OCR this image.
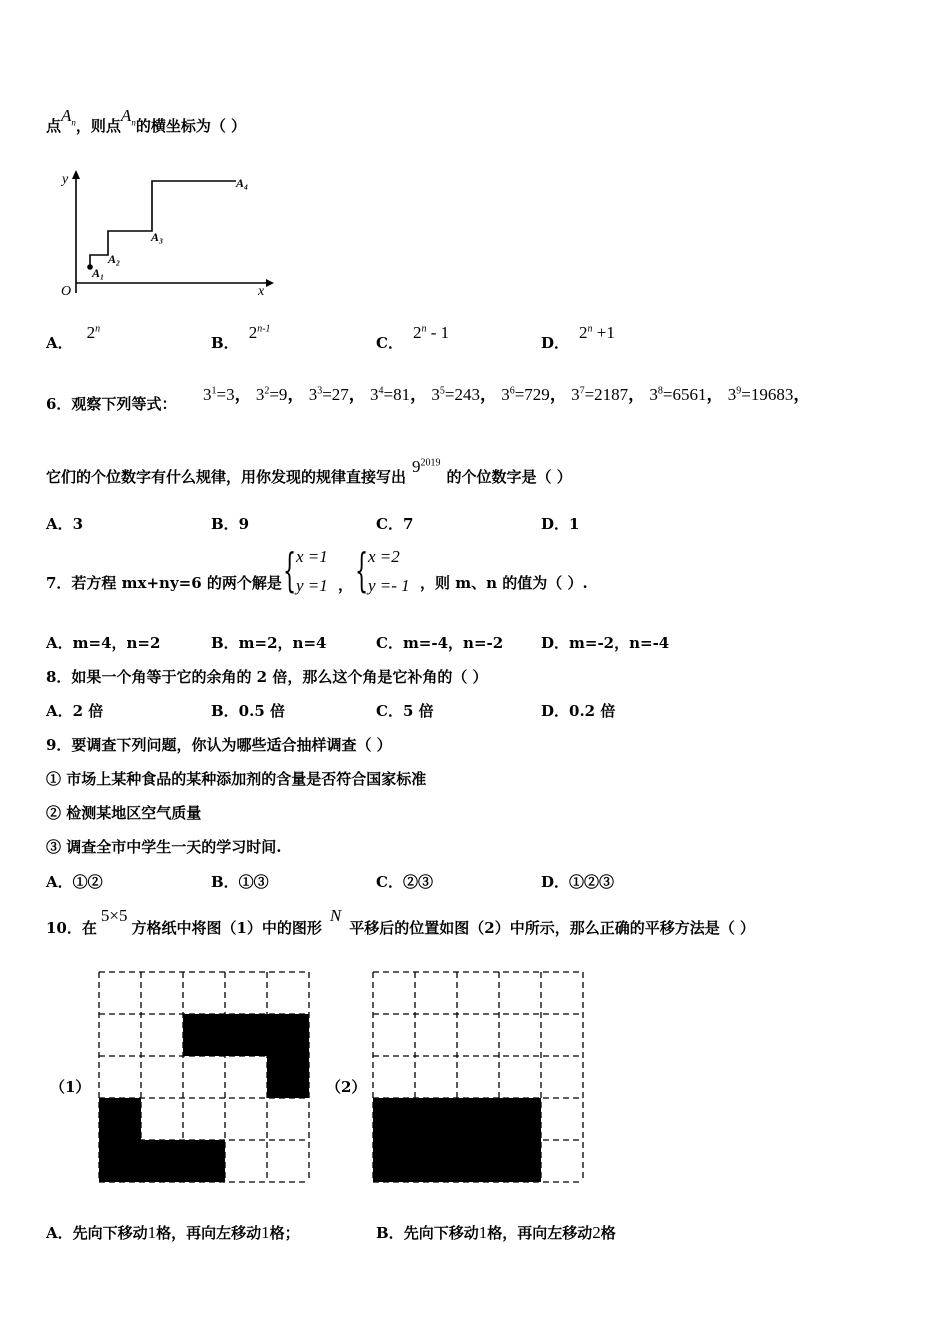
点$A_n$，则点$A_n$的横坐标为（ ）
y
x
O
A₁
A₂
A₃
A₄
A．2$^n$
B．2$^{n-1}$
C．2$^n$ - 1
D．$2^n +1$
6．观察下列等式： $3^1=3$， $3^2=9$， $3^3=27$， $3^4=81$， $3^5=243$， $3^6=729$， $3^7=2187$， $3^8=6561$， $3^9=19683$，
它们的个位数字有什么规律，用你发现的规律直接写出$9^{2019}$的个位数字是（ ）
A．3	B．9	C．7	D．1
7．若方程 mx+ny=6 的两个解是 { x =1
y =1 ， { x =2
y =- 1 ，则 m、n 的值为（ ）.
A．m=4，n=2	B．m=2，n=4	C．m=-4，n=-2	D．m=-2，n=-4
8．如果一个角等于它的余角的 2 倍，那么这个角是它补角的（ ）
A．2 倍	B．0.5 倍	C．5 倍	D．0.2 倍
9．要调查下列问题，你认为哪些适合抽样调查（ ）
① 市场上某种食品的某种添加剂的含量是否符合国家标准
② 检测某地区空气质量
③ 调查全市中学生一天的学习时间.
A．①②	B．①③	C．②③	D．①②③
10．在5×5方格纸中将图（1）中的图形N平移后的位置如图（2）中所示，那么正确的平移方法是（ ）
（1）	（2）
A．先向下移动1格，再向左移动1格；	B．先向下移动1格，再向左移动2格
